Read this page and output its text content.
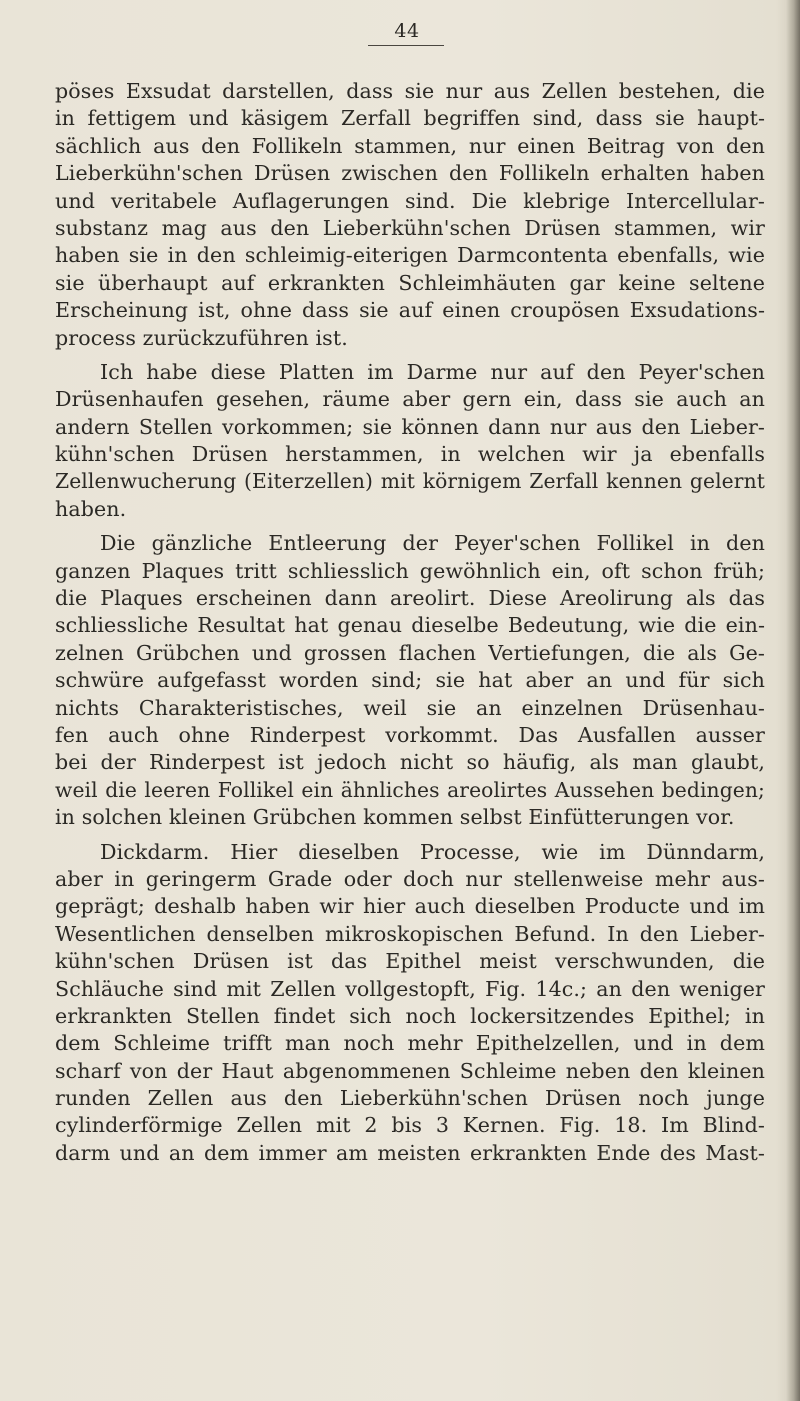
44
pöses Exsudat darstellen, dass sie nur aus Zellen bestehen, die
in fettigem und käsigem Zerfall begriffen sind, dass sie haupt-
sächlich aus den Follikeln stammen, nur einen Beitrag von den
Lieberkühn'schen Drüsen zwischen den Follikeln erhalten haben
und veritabele Auflagerungen sind. Die klebrige Intercellular-
substanz mag aus den Lieberkühn'schen Drüsen stammen, wir
haben sie in den schleimig-eiterigen Darmcontenta ebenfalls, wie
sie überhaupt auf erkrankten Schleimhäuten gar keine seltene
Erscheinung ist, ohne dass sie auf einen croupösen Exsudations-
process zurückzuführen ist.
Ich habe diese Platten im Darme nur auf den Peyer'schen
Drüsenhaufen gesehen, räume aber gern ein, dass sie auch an
andern Stellen vorkommen; sie können dann nur aus den Lieber-
kühn'schen Drüsen herstammen, in welchen wir ja ebenfalls
Zellenwucherung (Eiterzellen) mit körnigem Zerfall kennen gelernt
haben.
Die gänzliche Entleerung der Peyer'schen Follikel in den
ganzen Plaques tritt schliesslich gewöhnlich ein, oft schon früh;
die Plaques erscheinen dann areolirt. Diese Areolirung als das
schliessliche Resultat hat genau dieselbe Bedeutung, wie die ein-
zelnen Grübchen und grossen flachen Vertiefungen, die als Ge-
schwüre aufgefasst worden sind; sie hat aber an und für sich
nichts Charakteristisches, weil sie an einzelnen Drüsenhau-
fen auch ohne Rinderpest vorkommt. Das Ausfallen ausser
bei der Rinderpest ist jedoch nicht so häufig, als man glaubt,
weil die leeren Follikel ein ähnliches areolirtes Aussehen bedingen;
in solchen kleinen Grübchen kommen selbst Einfütterungen vor.
Dickdarm. Hier dieselben Processe, wie im Dünndarm,
aber in geringerm Grade oder doch nur stellenweise mehr aus-
geprägt; deshalb haben wir hier auch dieselben Producte und im
Wesentlichen denselben mikroskopischen Befund. In den Lieber-
kühn'schen Drüsen ist das Epithel meist verschwunden, die
Schläuche sind mit Zellen vollgestopft, Fig. 14c.; an den weniger
erkrankten Stellen findet sich noch lockersitzendes Epithel; in
dem Schleime trifft man noch mehr Epithelzellen, und in dem
scharf von der Haut abgenommenen Schleime neben den kleinen
runden Zellen aus den Lieberkühn'schen Drüsen noch junge
cylinderförmige Zellen mit 2 bis 3 Kernen. Fig. 18. Im Blind-
darm und an dem immer am meisten erkrankten Ende des Mast-
